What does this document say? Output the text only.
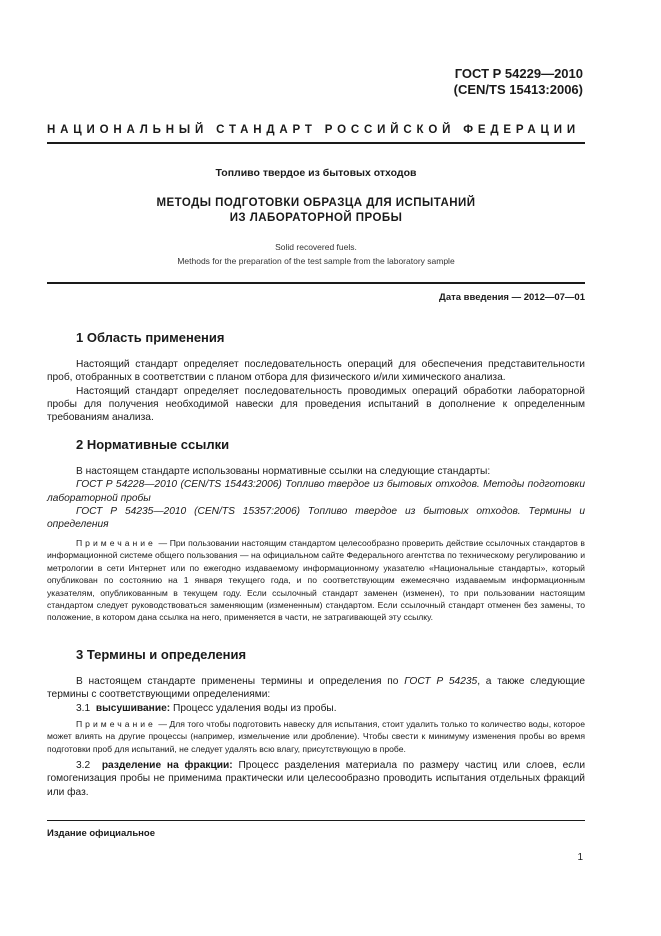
ГОСТ Р 54229—2010
(CEN/TS 15413:2006)
НАЦИОНАЛЬНЫЙ СТАНДАРТ РОССИЙСКОЙ ФЕДЕРАЦИИ
Топливо твердое из бытовых отходов
МЕТОДЫ ПОДГОТОВКИ ОБРАЗЦА ДЛЯ ИСПЫТАНИЙ
ИЗ ЛАБОРАТОРНОЙ ПРОБЫ
Solid recovered fuels.
Methods for the preparation of the test sample from the laboratory sample
Дата введения — 2012—07—01
1 Область применения

Настоящий стандарт определяет последовательность операций для обеспечения представительности проб, отобранных в соответствии с планом отбора для физического и/или химического анализа.

Настоящий стандарт определяет последовательность проводимых операций обработки лабораторной пробы для получения необходимой навески для проведения испытаний в дополнение к определенным требованиям анализа.

2 Нормативные ссылки

В настоящем стандарте использованы нормативные ссылки на следующие стандарты:

ГОСТ Р 54228—2010 (CEN/TS 15443:2006) Топливо твердое из бытовых отходов. Методы подготовки лабораторной пробы

ГОСТ Р 54235—2010 (CEN/TS 15357:2006) Топливо твердое из бытовых отходов. Термины и определения

Примечание — При пользовании настоящим стандартом целесообразно проверить действие ссылочных стандартов в информационной системе общего пользования — на официальном сайте Федерального агентства по техническому регулированию и метрологии в сети Интернет или по ежегодно издаваемому информационному указателю «Национальные стандарты», который опубликован по состоянию на 1 января текущего года, и по соответствующим ежемесячно издаваемым информационным указателям, опубликованным в текущем году. Если ссылочный стандарт заменен (изменен), то при пользовании настоящим стандартом следует руководствоваться заменяющим (измененным) стандартом. Если ссылочный стандарт отменен без замены, то положение, в котором дана ссылка на него, применяется в части, не затрагивающей эту ссылку.

3 Термины и определения

В настоящем стандарте применены термины и определения по ГОСТ Р 54235, а также следующие термины с соответствующими определениями:

3.1 высушивание: Процесс удаления воды из пробы.

Примечание — Для того чтобы подготовить навеску для испытания, стоит удалить только то количество воды, которое может влиять на другие процессы (например, измельчение или дробление). Чтобы свести к минимуму изменения пробы во время подготовки проб для испытаний, не следует удалять всю влагу, присутствующую в пробе.

3.2 разделение на фракции: Процесс разделения материала по размеру частиц или слоев, если гомогенизация пробы не применима практически или целесообразно проводить испытания отдельных фракций или фаз.

Издание официальное
1
